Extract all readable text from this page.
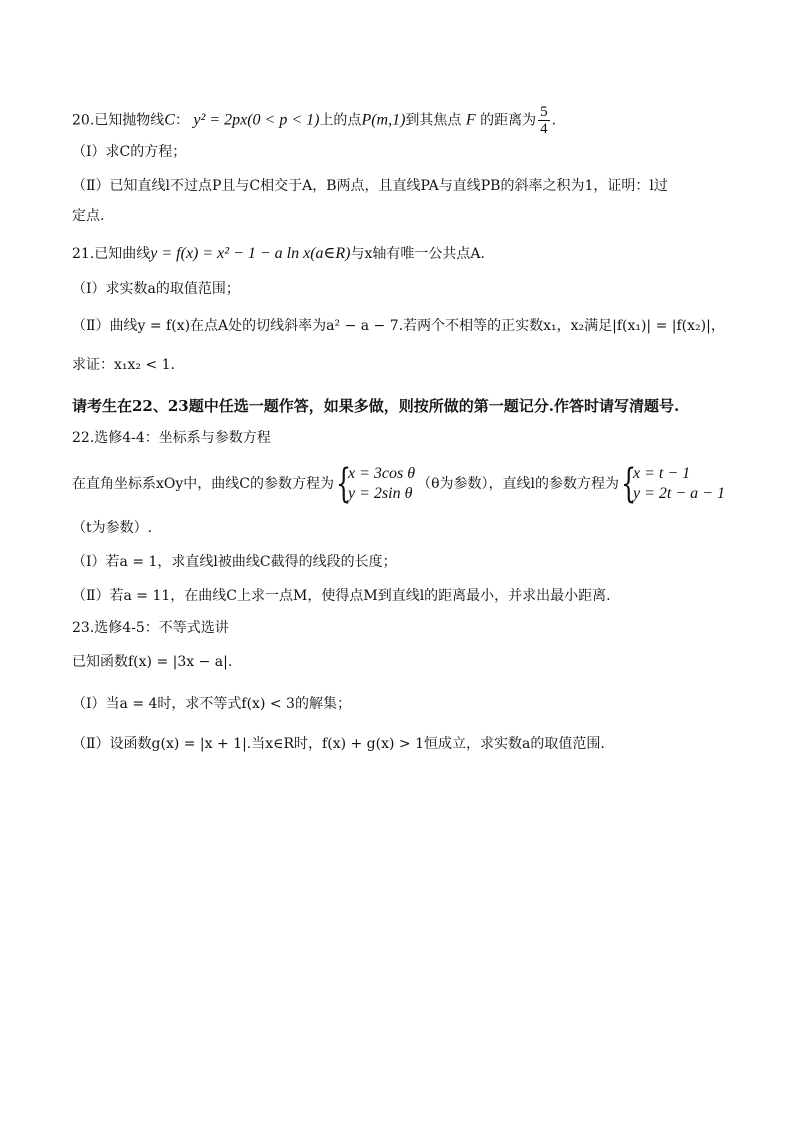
20.已知抛物线C： y² = 2px(0 < p < 1)上的点P(m,1)到其焦点 F 的距离为 $\frac{5}{4}$ .
（Ⅰ）求C的方程；
（Ⅱ）已知直线l不过点P且与C相交于A，B两点，且直线PA与直线PB的斜率之积为1，证明：l过
定点.
21.已知曲线y = f(x) = x² − 1 − a ln x(a∈R)与x轴有唯一公共点A.
（Ⅰ）求实数a的取值范围；
（Ⅱ）曲线y = f(x)在点A处的切线斜率为a² − a − 7.若两个不相等的正实数x₁，x₂满足|f(x₁)| = |f(x₂)|，
求证：x₁x₂ < 1.
请考生在22、23题中任选一题作答，如果多做，则按所做的第一题记分.作答时请写清题号.
22.选修4-4：坐标系与参数方程
在直角坐标系xOy中，曲线C的参数方程为 {
x = 3cos θ
y = 2sin θ
（θ为参数），直线l的参数方程为 {
x = t − 1
y = 2t − a − 1
（t为参数）.
（Ⅰ）若a = 1，求直线l被曲线C截得的线段的长度；
（Ⅱ）若a = 11，在曲线C上求一点M，使得点M到直线l的距离最小，并求出最小距离.
23.选修4-5：不等式选讲
已知函数f(x) = |3x − a|.
（Ⅰ）当a = 4时，求不等式f(x) < 3的解集；
（Ⅱ）设函数g(x) = |x + 1|.当x∈R时，f(x) + g(x) > 1恒成立，求实数a的取值范围.
